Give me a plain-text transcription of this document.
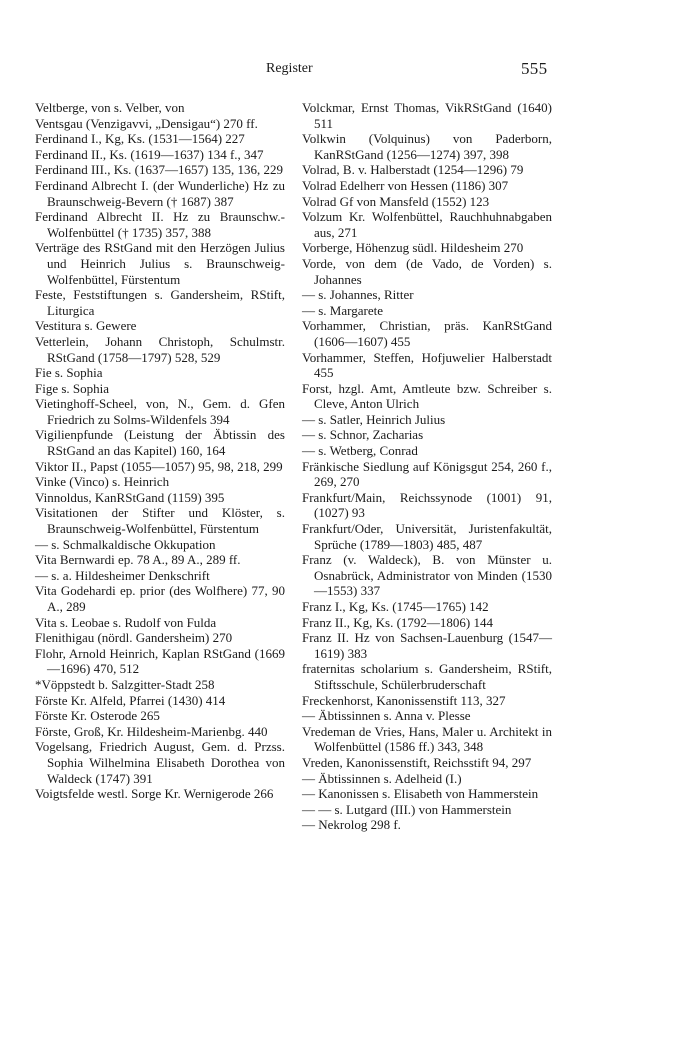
Register	555

Veltberge, von s. Velber, von

Ventsgau (Venzigavvi, „Densigau“) 270 ff.

Ferdinand I., Kg, Ks. (1531—1564) 227

Ferdinand II., Ks. (1619—1637) 134 f., 347

Ferdinand III., Ks. (1637—1657) 135, 136, 229

Ferdinand Albrecht I. (der Wunderliche) Hz zu Braunschweig-Bevern († 1687) 387

Ferdinand Albrecht II. Hz zu Braunschw.-Wolfenbüttel († 1735) 357, 388

Verträge des RStGand mit den Herzögen Julius und Heinrich Julius s. Braunschweig-Wolfenbüttel, Fürstentum

Feste, Feststiftungen s. Gandersheim, RStift, Liturgica

Vestitura s. Gewere

Vetterlein, Johann Christoph, Schulmstr. RStGand (1758—1797) 528, 529

Fie s. Sophia

Fige s. Sophia

Vietinghoff-Scheel, von, N., Gem. d. Gfen Friedrich zu Solms-Wildenfels 394

Vigilienpfunde (Leistung der Äbtissin des RStGand an das Kapitel) 160, 164

Viktor II., Papst (1055—1057) 95, 98, 218, 299

Vinke (Vinco) s. Heinrich

Vinnoldus, KanRStGand (1159) 395

Visitationen der Stifter und Klöster, s. Braunschweig-Wolfenbüttel, Fürstentum

— s. Schmalkaldische Okkupation

Vita Bernwardi ep. 78 A., 89 A., 289 ff.

— s. a. Hildesheimer Denkschrift

Vita Godehardi ep. prior (des Wolfhere) 77, 90 A., 289

Vita s. Leobae s. Rudolf von Fulda

Flenithigau (nördl. Gandersheim) 270

Flohr, Arnold Heinrich, Kaplan RStGand (1669—1696) 470, 512

*Vöppstedt b. Salzgitter-Stadt 258

Förste Kr. Alfeld, Pfarrei (1430) 414

Förste Kr. Osterode 265

Förste, Groß, Kr. Hildesheim-Marienbg. 440

Vogelsang, Friedrich August, Gem. d. Przss. Sophia Wilhelmina Elisabeth Dorothea von Waldeck (1747) 391

Voigtsfelde westl. Sorge Kr. Wernigerode 266

Volckmar, Ernst Thomas, VikRStGand (1640) 511

Volkwin (Volquinus) von Paderborn, KanRStGand (1256—1274) 397, 398

Volrad, B. v. Halberstadt (1254—1296) 79

Volrad Edelherr von Hessen (1186) 307

Volrad Gf von Mansfeld (1552) 123

Volzum Kr. Wolfenbüttel, Rauchhuhnabgaben aus, 271

Vorberge, Höhenzug südl. Hildesheim 270

Vorde, von dem (de Vado, de Vorden) s. Johannes

— s. Johannes, Ritter

— s. Margarete

Vorhammer, Christian, präs. KanRStGand (1606—1607) 455

Vorhammer, Steffen, Hofjuwelier Halberstadt 455

Forst, hzgl. Amt, Amtleute bzw. Schreiber s. Cleve, Anton Ulrich

— s. Satler, Heinrich Julius

— s. Schnor, Zacharias

— s. Wetberg, Conrad

Fränkische Siedlung auf Königsgut 254, 260 f., 269, 270

Frankfurt/Main, Reichssynode (1001) 91, (1027) 93

Frankfurt/Oder, Universität, Juristenfakultät, Sprüche (1789—1803) 485, 487

Franz (v. Waldeck), B. von Münster u. Osnabrück, Administrator von Minden (1530—1553) 337

Franz I., Kg, Ks. (1745—1765) 142

Franz II., Kg, Ks. (1792—1806) 144

Franz II. Hz von Sachsen-Lauenburg (1547—1619) 383

fraternitas scholarium s. Gandersheim, RStift, Stiftsschule, Schülerbruderschaft

Freckenhorst, Kanonissenstift 113, 327

— Äbtissinnen s. Anna v. Plesse

Vredeman de Vries, Hans, Maler u. Architekt in Wolfenbüttel (1586 ff.) 343, 348

Vreden, Kanonissenstift, Reichsstift 94, 297

— Äbtissinnen s. Adelheid (I.)

— Kanonissen s. Elisabeth von Hammerstein

— — s. Lutgard (III.) von Hammerstein

— Nekrolog 298 f.
